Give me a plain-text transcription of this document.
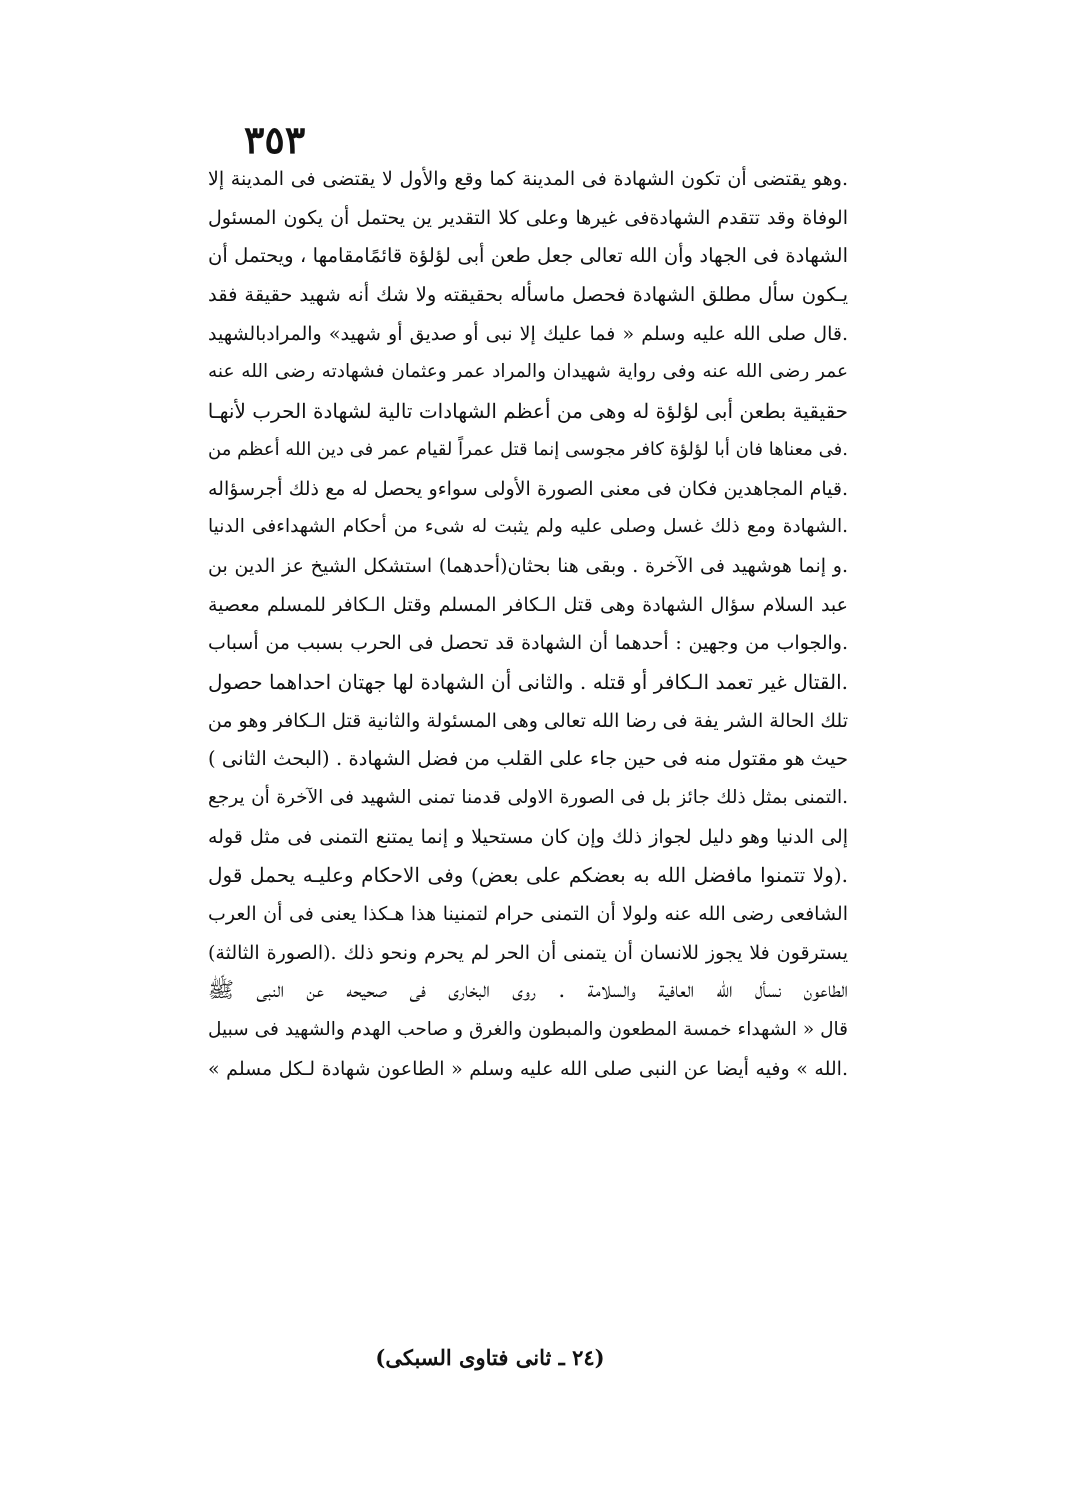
٣٥٣
.وهو يقتضى أن تكون الشهادة فى المدينة كما وقع والأول لا يقتضى فى المدينة إلا
الوفاة وقد تتقدم الشهادةفى غيرها وعلى كلا التقدير ين يحتمل أن يكون المسئول
الشهادة فى الجهاد وأن الله تعالى جعل طعن أبى لؤلؤة قائمًامقامها ، ويحتمل أن
يـكون سأل مطلق الشهادة فحصل ماسأله بحقيقته ولا شك أنه شهيد حقيقة فقد
.قال صلى الله عليه وسلم « فما عليك إلا نبى أو صديق أو شهيد» والمرادبالشهيد
عمر رضى الله عنه وفى رواية شهيدان والمراد عمر وعثمان فشهادته رضى الله عنه
حقيقية بطعن أبى لؤلؤة له وهى من أعظم الشهادات تالية لشهادة الحرب لأنهـا
.فى معناها فان أبا لؤلؤة كافر مجوسى إنما قتل عمراً لقيام عمر فى دين الله أعظم من
.قيام المجاهدين فكان فى معنى الصورة الأولى سواءو يحصل له مع ذلك أجرسؤاله
.الشهادة ومع ذلك غسل وصلى عليه ولم يثبت له شىء من أحكام الشهداءفى الدنيا
.و إنما هوشهيد فى الآخرة . وبقى هنا بحثان(أحدهما) استشكل الشيخ عز الدين بن
عبد السلام سؤال الشهادة وهى قتل الـكافر المسلم وقتل الـكافر للمسلم معصية
.والجواب من وجهين : أحدهما أن الشهادة قد تحصل فى الحرب بسبب من أسباب
.القتال غير تعمد الـكافر أو قتله . والثانى أن الشهادة لها جهتان احداهما حصول
تلك الحالة الشر يفة فى رضا الله تعالى وهى المسئولة والثانية قتل الـكافر وهو من
حيث هو مقتول منه فى حين جاء على القلب من فضل الشهادة . (البحث الثانى )
.التمنى بمثل ذلك جائز بل فى الصورة الاولى قدمنا تمنى الشهيد فى الآخرة أن يرجع
إلى الدنيا وهو دليل لجواز ذلك وإن كان مستحيلا و إنما يمتنع التمنى فى مثل قوله
.(ولا تتمنوا مافضل الله به بعضكم على بعض) وفى الاحكام وعليـه يحمل قول
الشافعى رضى الله عنه ولولا أن التمنى حرام لتمنينا هذا هـكذا يعنى فى أن العرب
يسترقون فلا يجوز للانسان أن يتمنى أن الحر لم يحرم ونحو ذلك .(الصورة الثالثة)
الطاعون نسأل الله العافية والسلامة . روى البخارى فى صحيحه عن النبى ﷺ
قال « الشهداء خمسة المطعون والمبطون والغرق و صاحب الهدم والشهيد فى سبيل
.الله » وفيه أيضا عن النبى صلى الله عليه وسلم « الطاعون شهادة لـكل مسلم »
(٢٤ ـ ثانى فتاوى السبكى)
